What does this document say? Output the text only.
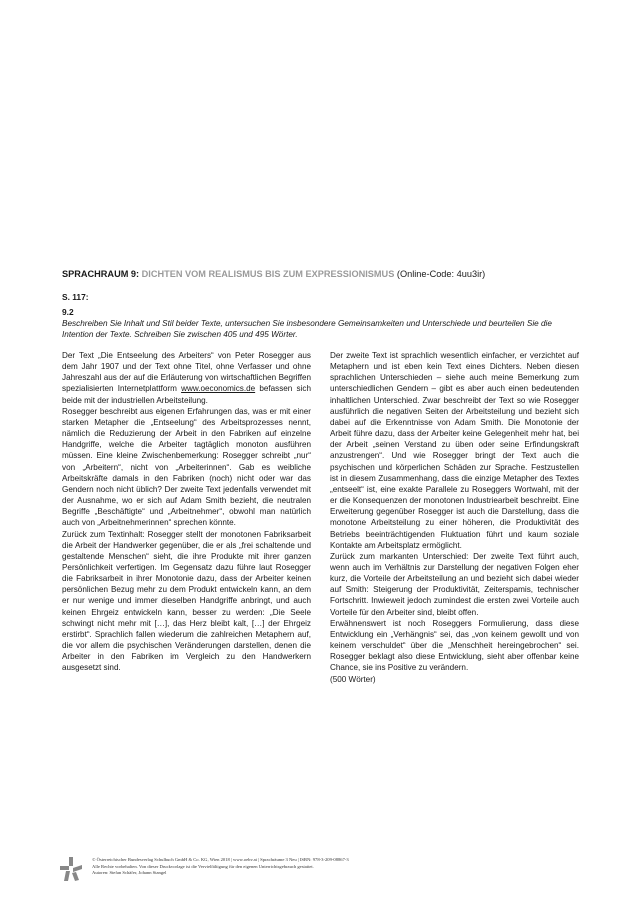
SPRACHRAUM 9: DICHTEN VOM REALISMUS BIS ZUM EXPRESSIONISMUS (Online-Code: 4uu3ir)
S. 117:
9.2
Beschreiben Sie Inhalt und Stil beider Texte, untersuchen Sie insbesondere Gemeinsamkeiten und Unterschiede und beurteilen Sie die Intention der Texte. Schreiben Sie zwischen 405 und 495 Wörter.

Der Text „Die Entseelung des Arbeiters“ von Peter Rosegger aus dem Jahr 1907 und der Text ohne Titel, ohne Verfasser und ohne Jahreszahl aus der auf die Erläuterung von wirtschaftlichen Begriffen spezialisierten Internetplattform www.oeconomics.de befassen sich beide mit der industriellen Arbeitsteilung.

Rosegger beschreibt aus eigenen Erfahrungen das, was er mit einer starken Metapher die „Entseelung“ des Arbeitsprozesses nennt, nämlich die Reduzierung der Arbeit in den Fabriken auf einzelne Handgriffe, welche die Arbeiter tagtäglich monoton ausführen müssen. Eine kleine Zwischenbemerkung: Rosegger schreibt „nur“ von „Arbeitern“, nicht von „Arbeiterinnen“. Gab es weibliche Arbeitskräfte damals in den Fabriken (noch) nicht oder war das Gendern noch nicht üblich? Der zweite Text jedenfalls verwendet mit der Ausnahme, wo er sich auf Adam Smith bezieht, die neutralen Begriffe „Beschäftigte“ und „Arbeitnehmer“, obwohl man natürlich auch von „Arbeitnehmerinnen“ sprechen könnte.

Zurück zum Textinhalt: Rosegger stellt der monotonen Fabriksarbeit die Arbeit der Handwerker gegenüber, die er als „frei schaltende und gestaltende Menschen“ sieht, die ihre Produkte mit ihrer ganzen Persönlichkeit verfertigen. Im Gegensatz dazu führe laut Rosegger die Fabriksarbeit in ihrer Monotonie dazu, dass der Arbeiter keinen persönlichen Bezug mehr zu dem Produkt entwickeln kann, an dem er nur wenige und immer dieselben Handgriffe anbringt, und auch keinen Ehrgeiz entwickeln kann, besser zu werden: „Die Seele schwingt nicht mehr mit […], das Herz bleibt kalt, […] der Ehrgeiz erstirbt“. Sprachlich fallen wiederum die zahlreichen Metaphern auf, die vor allem die psychischen Veränderungen darstellen, denen die Arbeiter in den Fabriken im Vergleich zu den Handwerkern ausgesetzt sind.

Der zweite Text ist sprachlich wesentlich einfacher, er verzichtet auf Metaphern und ist eben kein Text eines Dichters. Neben diesen sprachlichen Unterschieden – siehe auch meine Bemerkung zum unterschiedlichen Gendern – gibt es aber auch einen bedeutenden inhaltlichen Unterschied. Zwar beschreibt der Text so wie Rosegger ausführlich die negativen Seiten der Arbeitsteilung und bezieht sich dabei auf die Erkenntnisse von Adam Smith. Die Monotonie der Arbeit führe dazu, dass der Arbeiter keine Gelegenheit mehr hat, bei der Arbeit „seinen Verstand zu üben oder seine Erfindungskraft anzustrengen“. Und wie Rosegger bringt der Text auch die psychischen und körperlichen Schäden zur Sprache. Festzustellen ist in diesem Zusammenhang, dass die einzige Metapher des Textes „entseelt“ ist, eine exakte Parallele zu Roseggers Wortwahl, mit der er die Konsequenzen der monotonen Industriearbeit beschreibt. Eine Erweiterung gegenüber Rosegger ist auch die Darstellung, dass die monotone Arbeitsteilung zu einer höheren, die Produktivität des Betriebs beeinträchtigenden Fluktuation führt und kaum soziale Kontakte am Arbeitsplatz ermöglicht.

Zurück zum markanten Unterschied: Der zweite Text führt auch, wenn auch im Verhältnis zur Darstellung der negativen Folgen eher kurz, die Vorteile der Arbeitsteilung an und bezieht sich dabei wieder auf Smith: Steigerung der Produktivität, Zeiterspamis, technischer Fortschritt. Inwieweit jedoch zumindest die ersten zwei Vorteile auch Vorteile für den Arbeiter sind, bleibt offen.

Erwähnenswert ist noch Roseggers Formulierung, dass diese Entwicklung ein „Verhängnis“ sei, das „von keinem gewollt und von keinem verschuldet“ über die „Menschheit hereingebrochen“ sei. Rosegger beklagt also diese Entwicklung, sieht aber offenbar keine Chance, sie ins Positive zu verändern.

(500 Wörter)

© Österreichischer Bundesverlag Schulbuch GmbH & Co. KG, Wien 2018 | www.oebv.at | Sprachräume 3 Neu | ISBN: 978-3-209-08867-3
Alle Rechte vorbehalten. Von dieser Druckvorlage ist die Vervielfältigung für den eigenen Unterrichtsgebrauch gestattet.
Autoren: Stefan Schäfer, Johann Stangel
